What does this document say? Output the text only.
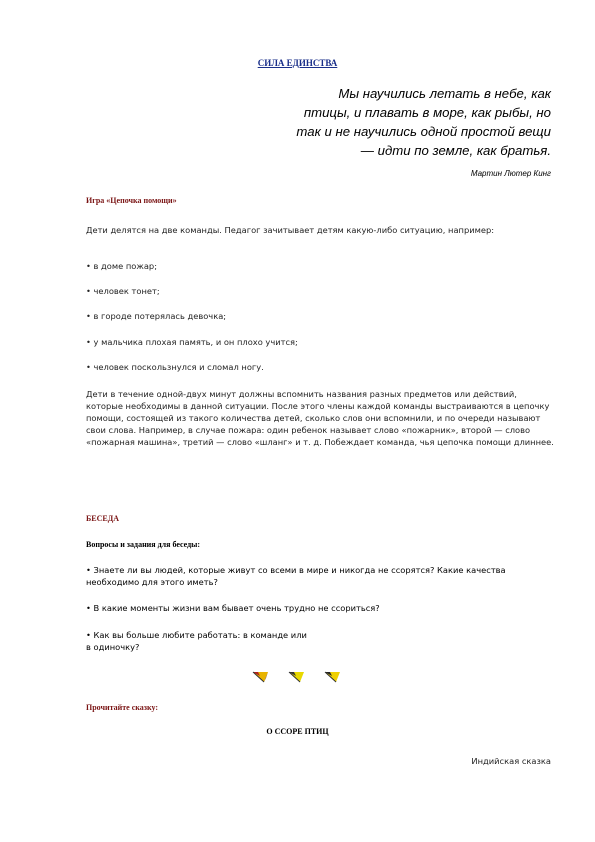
СИЛА ЕДИНСТВА
Мы научились летать в небе, как
птицы, и плавать в море, как рыбы, но
так и не научились одной простой вещи
— идти по земле, как братья.
Мартин Лютер Кинг
Игра «Цепочка помощи»
Дети делятся на две команды. Педагог зачитывает детям какую-либо ситуацию, например:
• в доме пожар;
• человек тонет;
• в городе потерялась девочка;
• у мальчика плохая память, и он плохо учится;
• человек поскользнулся и сломал ногу.
Дети в течение одной-двух минут должны вспомнить названия разных предметов или действий, которые необходимы в данной ситуации. После этого члены каждой команды выстраиваются в цепочку помощи, состоящей из такого количества детей, сколько слов они вспомнили, и по очереди называют свои слова. Например, в случае пожара: один ребенок называет слово «пожарник», второй — слово «пожарная машина», третий — слово «шланг» и т. д. Побеждает команда, чья цепочка помощи длиннее.
БЕСЕДА
Вопросы и задания для беседы:
• Знаете ли вы людей, которые живут со всеми в мире и никогда не ссорятся? Какие качества необходимо для этого иметь?
• В какие моменты жизни вам бывает очень трудно не ссориться?
• Как вы больше любите работать: в команде или
в одиночку?

Прочитайте сказку:
О ССОРЕ ПТИЦ
Индийская сказка
